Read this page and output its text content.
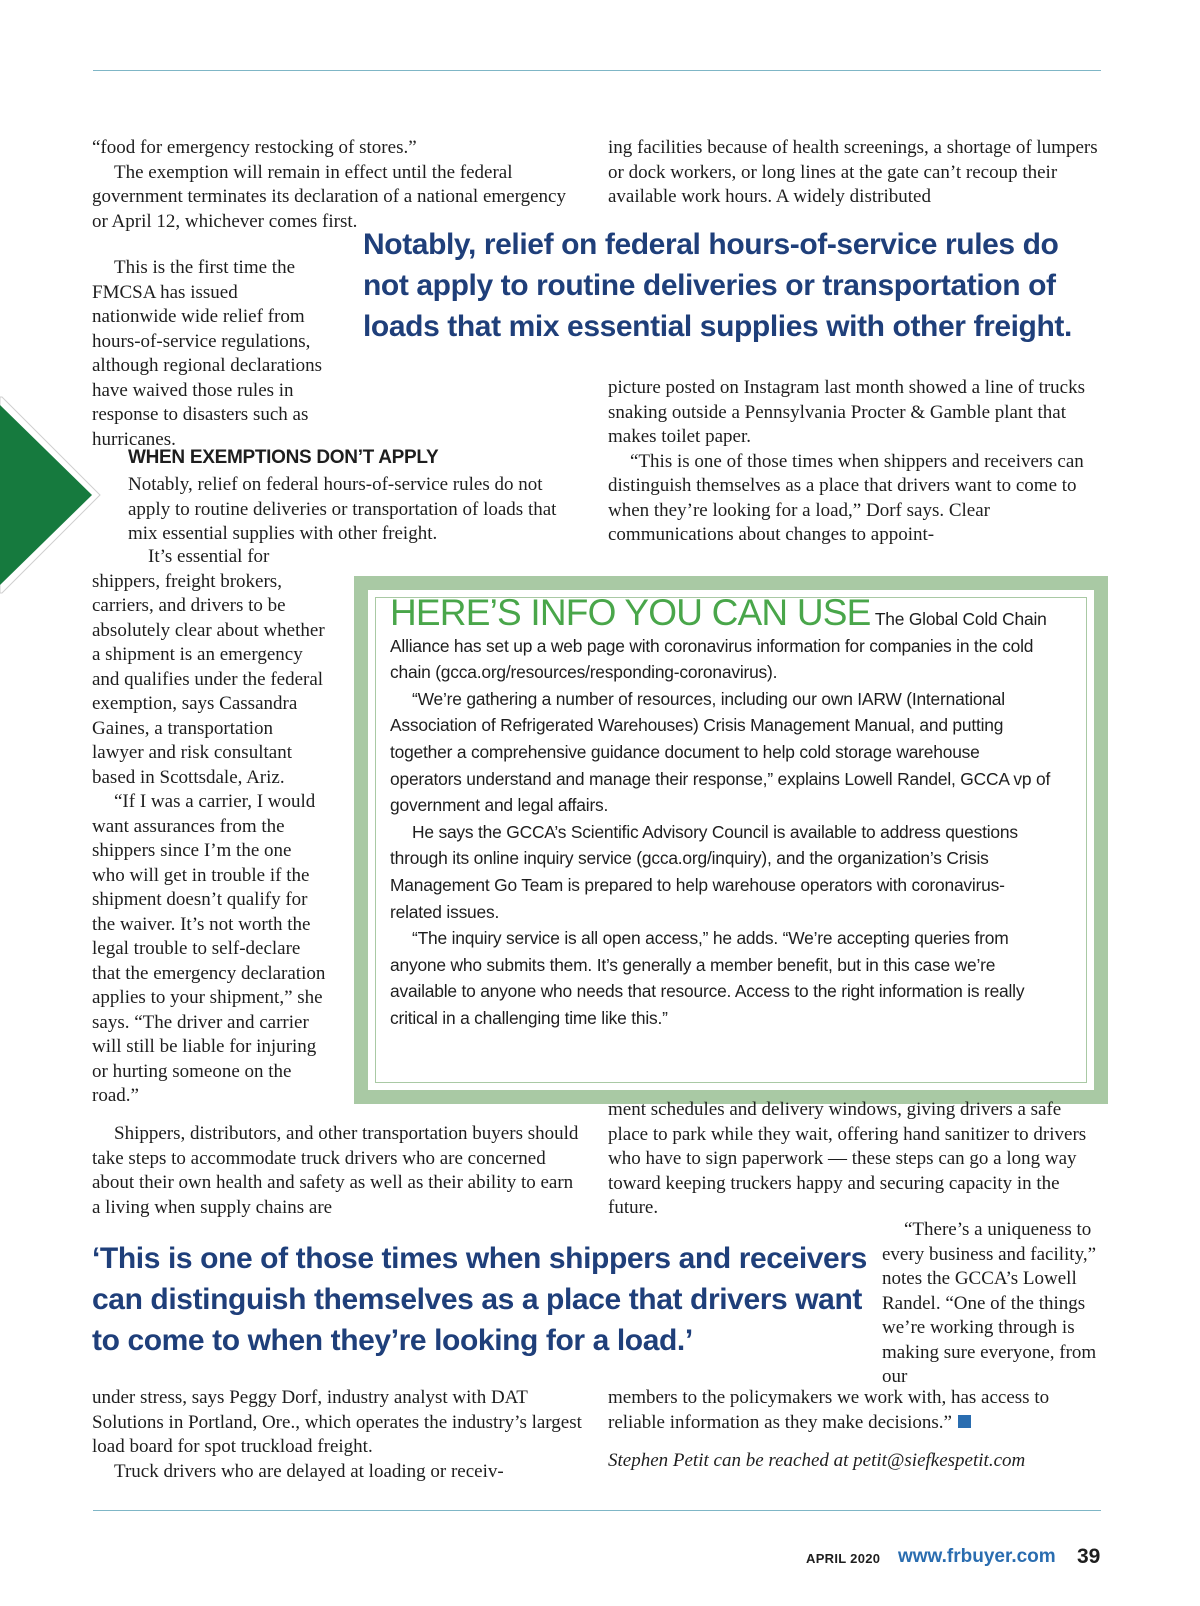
“food for emergency restocking of stores.”

The exemption will remain in effect until the federal government terminates its declaration of a national emergency or April 12, whichever comes first.

This is the first time the FMCSA has issued nationwide wide relief from hours-of-service regulations, although regional declarations have waived those rules in response to disasters such as hurricanes.

Notably, relief on federal hours-of-service rules do not apply to routine deliveries or transportation of loads that mix essential supplies with other freight.
ing facilities because of health screenings, a shortage of lumpers or dock workers, or long lines at the gate can’t recoup their available work hours. A widely distributed

picture posted on Instagram last month showed a line of trucks snaking outside a Pennsylvania Procter & Gamble plant that makes toilet paper.

“This is one of those times when shippers and receivers can distinguish themselves as a place that drivers want to come to when they’re looking for a load,” Dorf says. Clear communications about changes to appoint-

WHEN EXEMPTIONS DON’T APPLY

Notably, relief on federal hours-of-service rules do not apply to routine deliveries or transportation of loads that mix essential supplies with other freight.

It’s essential for shippers, freight brokers, carriers, and drivers to be absolutely clear about whether a shipment is an emergency and qualifies under the federal exemption, says Cassandra Gaines, a transportation lawyer and risk consultant based in Scottsdale, Ariz.

“If I was a carrier, I would want assurances from the shippers since I’m the one who will get in trouble if the shipment doesn’t qualify for the waiver. It’s not worth the legal trouble to self-declare that the emergency declaration applies to your shipment,” she says. “The driver and carrier will still be liable for injuring or hurting someone on the road.”

HERE’S INFO YOU CAN USE The Global Cold Chain Alliance has set up a web page with coronavirus information for companies in the cold chain (gcca.org/resources/responding-coronavirus).

“We’re gathering a number of resources, including our own IARW (International Association of Refrigerated Warehouses) Crisis Management Manual, and putting together a comprehensive guidance document to help cold storage warehouse operators understand and manage their response,” explains Lowell Randel, GCCA vp of government and legal affairs.

He says the GCCA’s Scientific Advisory Council is available to address questions through its online inquiry service (gcca.org/inquiry), and the organization’s Crisis Management Go Team is prepared to help warehouse operators with coronavirus-related issues.

“The inquiry service is all open access,” he adds. “We’re accepting queries from anyone who submits them. It’s generally a member benefit, but in this case we’re available to anyone who needs that resource. Access to the right information is really critical in a challenging time like this.”

Shippers, distributors, and other transportation buyers should take steps to accommodate truck drivers who are concerned about their own health and safety as well as their ability to earn a living when supply chains are

ment schedules and delivery windows, giving drivers a safe place to park while they wait, offering hand sanitizer to drivers who have to sign paperwork — these steps can go a long way toward keeping truckers happy and securing capacity in the future.
‘This is one of those times when shippers and receivers can distinguish themselves as a place that drivers want to come to when they’re looking for a load.’

“There’s a uniqueness to every business and facility,” notes the GCCA’s Lowell Randel. “One of the things we’re working through is making sure everyone, from our

under stress, says Peggy Dorf, industry analyst with DAT Solutions in Portland, Ore., which operates the industry’s largest load board for spot truckload freight.

Truck drivers who are delayed at loading or receiv-

members to the policymakers we work with, has access to reliable information as they make decisions.”

Stephen Petit can be reached at petit@siefkespetit.com

APRIL 2020 www.frbuyer.com 39
